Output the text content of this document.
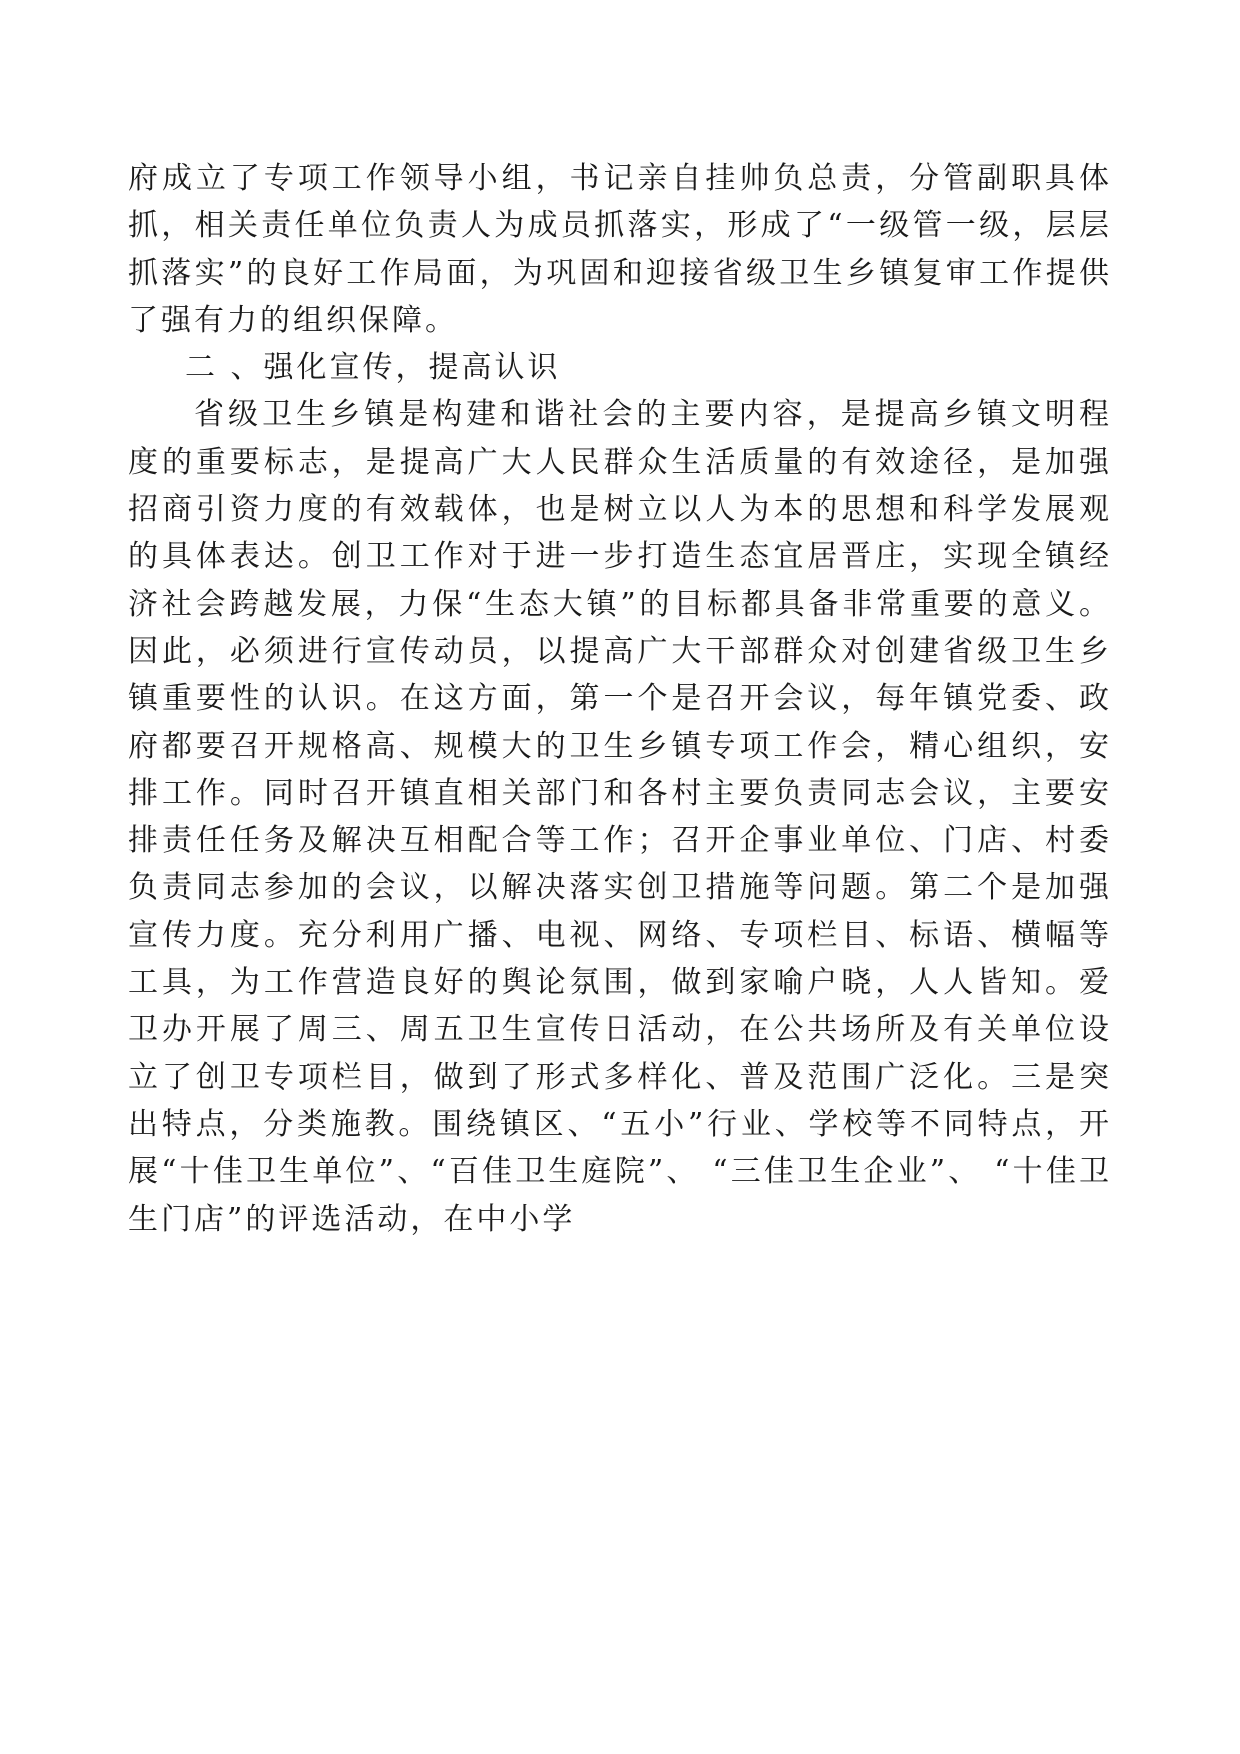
府成立了专项工作领导小组，书记亲自挂帅负总责，分管副职具体抓，相关责任单位负责人为成员抓落实，形成了“一级管一级，层层抓落实”的良好工作局面，为巩固和迎接省级卫生乡镇复审工作提供了强有力的组织保障。

二 、强化宣传，提高认识

省级卫生乡镇是构建和谐社会的主要内容，是提高乡镇文明程度的重要标志，是提高广大人民群众生活质量的有效途径，是加强招商引资力度的有效载体，也是树立以人为本的思想和科学发展观的具体表达。创卫工作对于进一步打造生态宜居晋庄，实现全镇经济社会跨越发展，力保“生态大镇”的目标都具备非常重要的意义。因此，必须进行宣传动员，以提高广大干部群众对创建省级卫生乡镇重要性的认识。在这方面，第一个是召开会议，每年镇党委、政府都要召开规格高、规模大的卫生乡镇专项工作会，精心组织，安排工作。同时召开镇直相关部门和各村主要负责同志会议，主要安排责任任务及解决互相配合等工作；召开企事业单位、门店、村委负责同志参加的会议，以解决落实创卫措施等问题。第二个是加强宣传力度。充分利用广播、电视、网络、专项栏目、标语、横幅等工具，为工作营造良好的舆论氛围，做到家喻户晓，人人皆知。爱卫办开展了周三、周五卫生宣传日活动，在公共场所及有关单位设立了创卫专项栏目，做到了形式多样化、普及范围广泛化。三是突出特点，分类施教。围绕镇区、“五小”行业、学校等不同特点，开展“十佳卫生单位”、“百佳卫生庭院”、 “三佳卫生企业”、 “十佳卫生门店”的评选活动，在中小学
